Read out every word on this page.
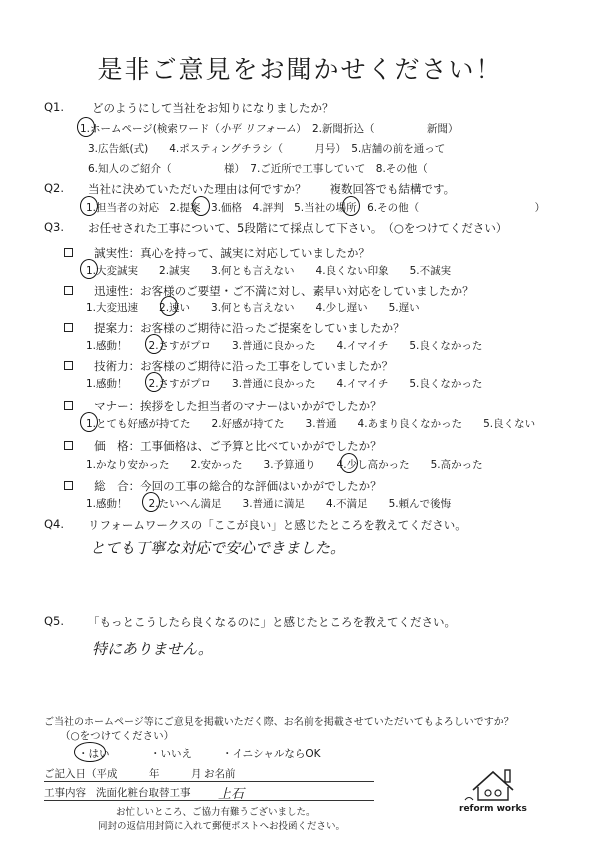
是非ご意見をお聞かせください！
Q1. どのようにして当社をお知りになりましたか？
1.ホームページ(検索ワード（小平 リフォーム）　2.新聞折込（　　　　　新聞）
3.広告紙(式)　　4.ポスティングチラシ（　　　月号）　5.店舗の前を通って
6.知人のご紹介（　　　　　様）　7.ご近所で工事していて　8.その他（
Q2. 当社に決めていただいた理由は何ですか？　　複数回答でも結構です。
1.担当者の対応　2.提案　3.価格　4.評判　5.当社の場所　6.その他（　　　　　　　　　　　）
Q3. お任せされた工事について、5段階にて採点して下さい。　（○をつけてください）
誠実性：真心を持って、誠実に対応していましたか？
1.大変誠実　　2.誠実　　3.何とも言えない　　4.良くない印象　　5.不誠実
迅速性：お客様のご要望・ご不満に対し、素早い対応をしていましたか？
1.大変迅速　　2.速い　　3.何とも言えない　　4.少し遅い　　5.遅い
提案力：お客様のご期待に沿ったご提案をしていましたか？
1.感動！　　2.さすがプロ　　3.普通に良かった　　4.イマイチ　　5.良くなかった
技術力：お客様のご期待に沿った工事をしていましたか？
1.感動！　　2.さすがプロ　　3.普通に良かった　　4.イマイチ　　5.良くなかった
マナー：挨拶をした担当者のマナーはいかがでしたか？
1.とても好感が持てた　　2.好感が持てた　　3.普通　　4.あまり良くなかった　　5.良くない
価　格：工事価格は、ご予算と比べていかがでしたか？
1.かなり安かった　　2.安かった　　3.予算通り　　4.少し高かった　　5.高かった
総　合：今回の工事の総合的な評価はいかがでしたか？
1.感動！　　2.たいへん満足　　3.普通に満足　　4.不満足　　5.頼んで後悔
Q4. リフォームワークスの「ここが良い」と感じたところを教えてください。
とても丁寧な対応で安心できました。
Q5. 「もっとこうしたら良くなるのに」と感じたところを教えてください。
特にありません。
ご当社のホームページ等にご意見を掲載いただく際、お名前を掲載させていただいてもよろしいですか？
（○をつけてください）
・はい	・いいえ	・イニシャルならOK
ご記入日（平成　　　年　　　月 お名前
工事内容 洗面化粧台取替工事 上石
お忙しいところ、ご協力有難うございました。
同封の返信用封筒に入れて郵便ポストへお投函ください。
reform works
